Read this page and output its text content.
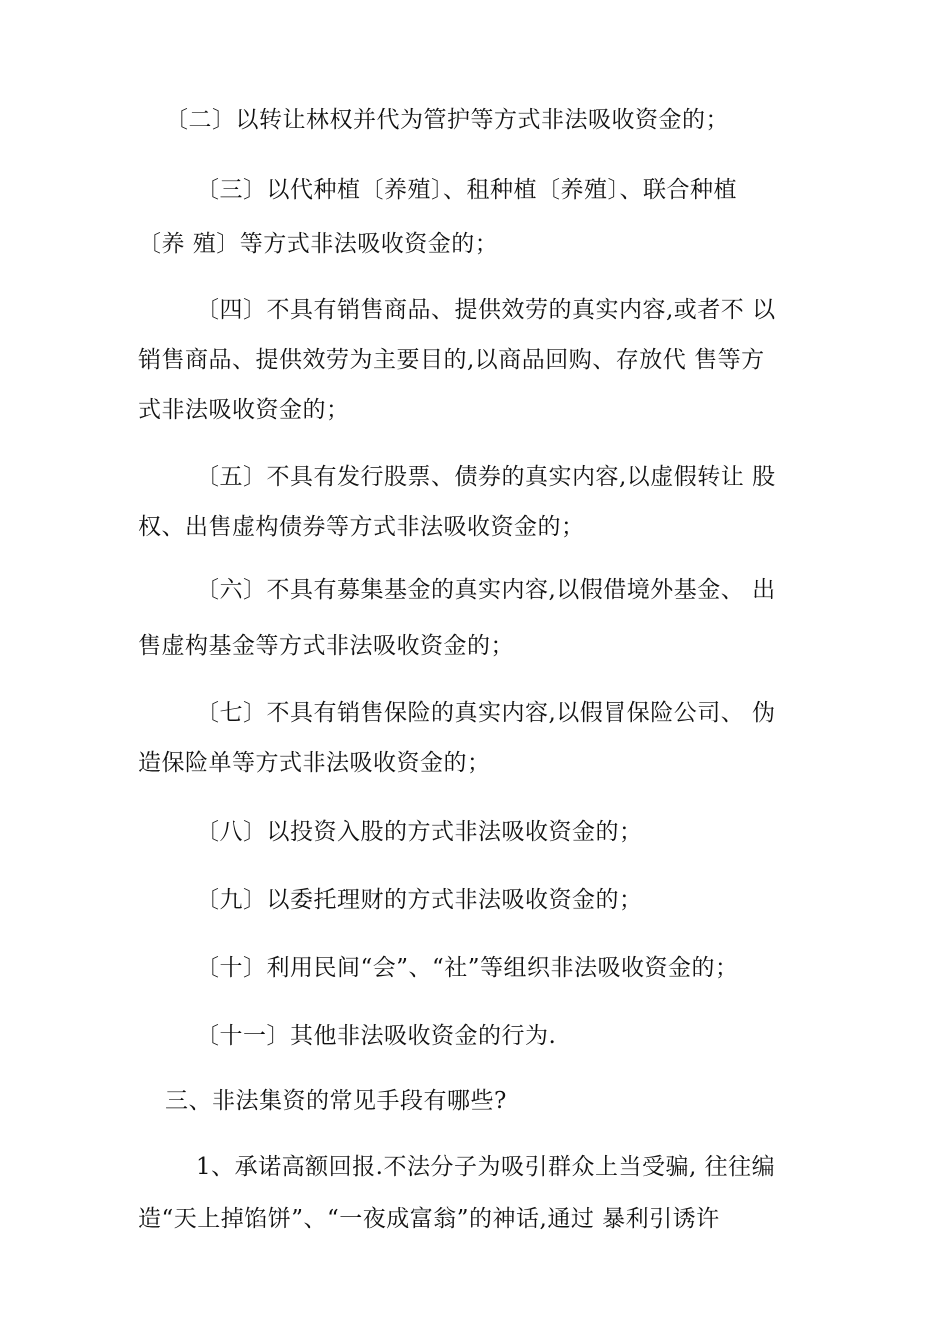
〔二〕以转让林权并代为管护等方式非法吸收资金的；
〔三〕以代种植〔养殖〕、租种植〔养殖〕、联合种植
〔养 殖〕等方式非法吸收资金的；
〔四〕不具有销售商品、提供效劳的真实内容,或者不 以
销售商品、提供效劳为主要目的,以商品回购、存放代 售等方
式非法吸收资金的；
〔五〕不具有发行股票、债券的真实内容,以虚假转让 股
权、出售虚构债券等方式非法吸收资金的；
〔六〕不具有募集基金的真实内容,以假借境外基金、 出
售虚构基金等方式非法吸收资金的；
〔七〕不具有销售保险的真实内容,以假冒保险公司、 伪
造保险单等方式非法吸收资金的；
〔八〕以投资入股的方式非法吸收资金的；
〔九〕以委托理财的方式非法吸收资金的；
〔十〕利用民间“会”、“社”等组织非法吸收资金的；
〔十一〕其他非法吸收资金的行为.
三、非法集资的常见手段有哪些?
1、承诺高额回报.不法分子为吸引群众上当受骗, 往往编
造“天上掉馅饼”、“一夜成富翁”的神话,通过 暴利引诱许
